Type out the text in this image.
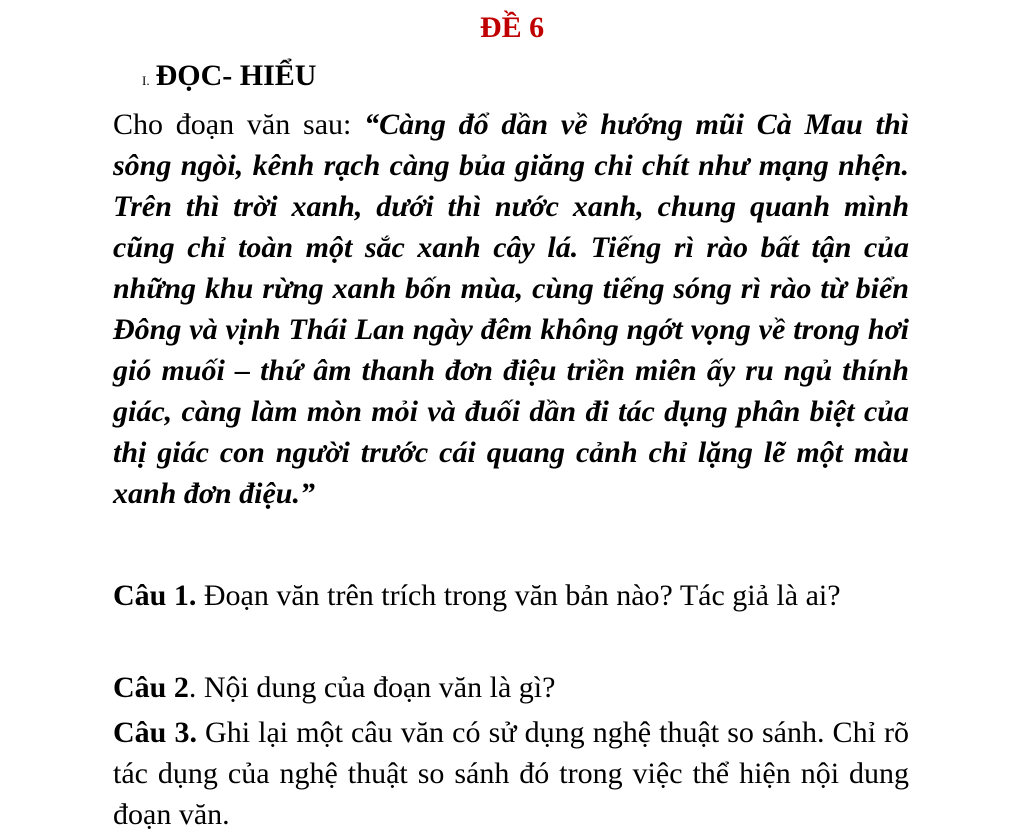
ĐỀ 6
I. ĐỌC- HIỂU
Cho đoạn văn sau: “Càng đổ dần về hướng mũi Cà Mau thì sông ngòi, kênh rạch càng bủa giăng chi chít như mạng nhện. Trên thì trời xanh, dưới thì nước xanh, chung quanh mình cũng chỉ toàn một sắc xanh cây lá. Tiếng rì rào bất tận của những khu rừng xanh bốn mùa, cùng tiếng sóng rì rào từ biển Đông và vịnh Thái Lan ngày đêm không ngớt vọng về trong hơi gió muối – thứ âm thanh đơn điệu triền miên ấy ru ngủ thính giác, càng làm mòn mỏi và đuối dần đi tác dụng phân biệt của thị giác con người trước cái quang cảnh chỉ lặng lẽ một màu xanh đơn điệu.”
Câu 1. Đoạn văn trên trích trong văn bản nào? Tác giả là ai?
Câu 2. Nội dung của đoạn văn là gì?
Câu 3. Ghi lại một câu văn có sử dụng nghệ thuật so sánh. Chỉ rõ tác dụng của nghệ thuật so sánh đó trong việc thể hiện nội dung đoạn văn.
